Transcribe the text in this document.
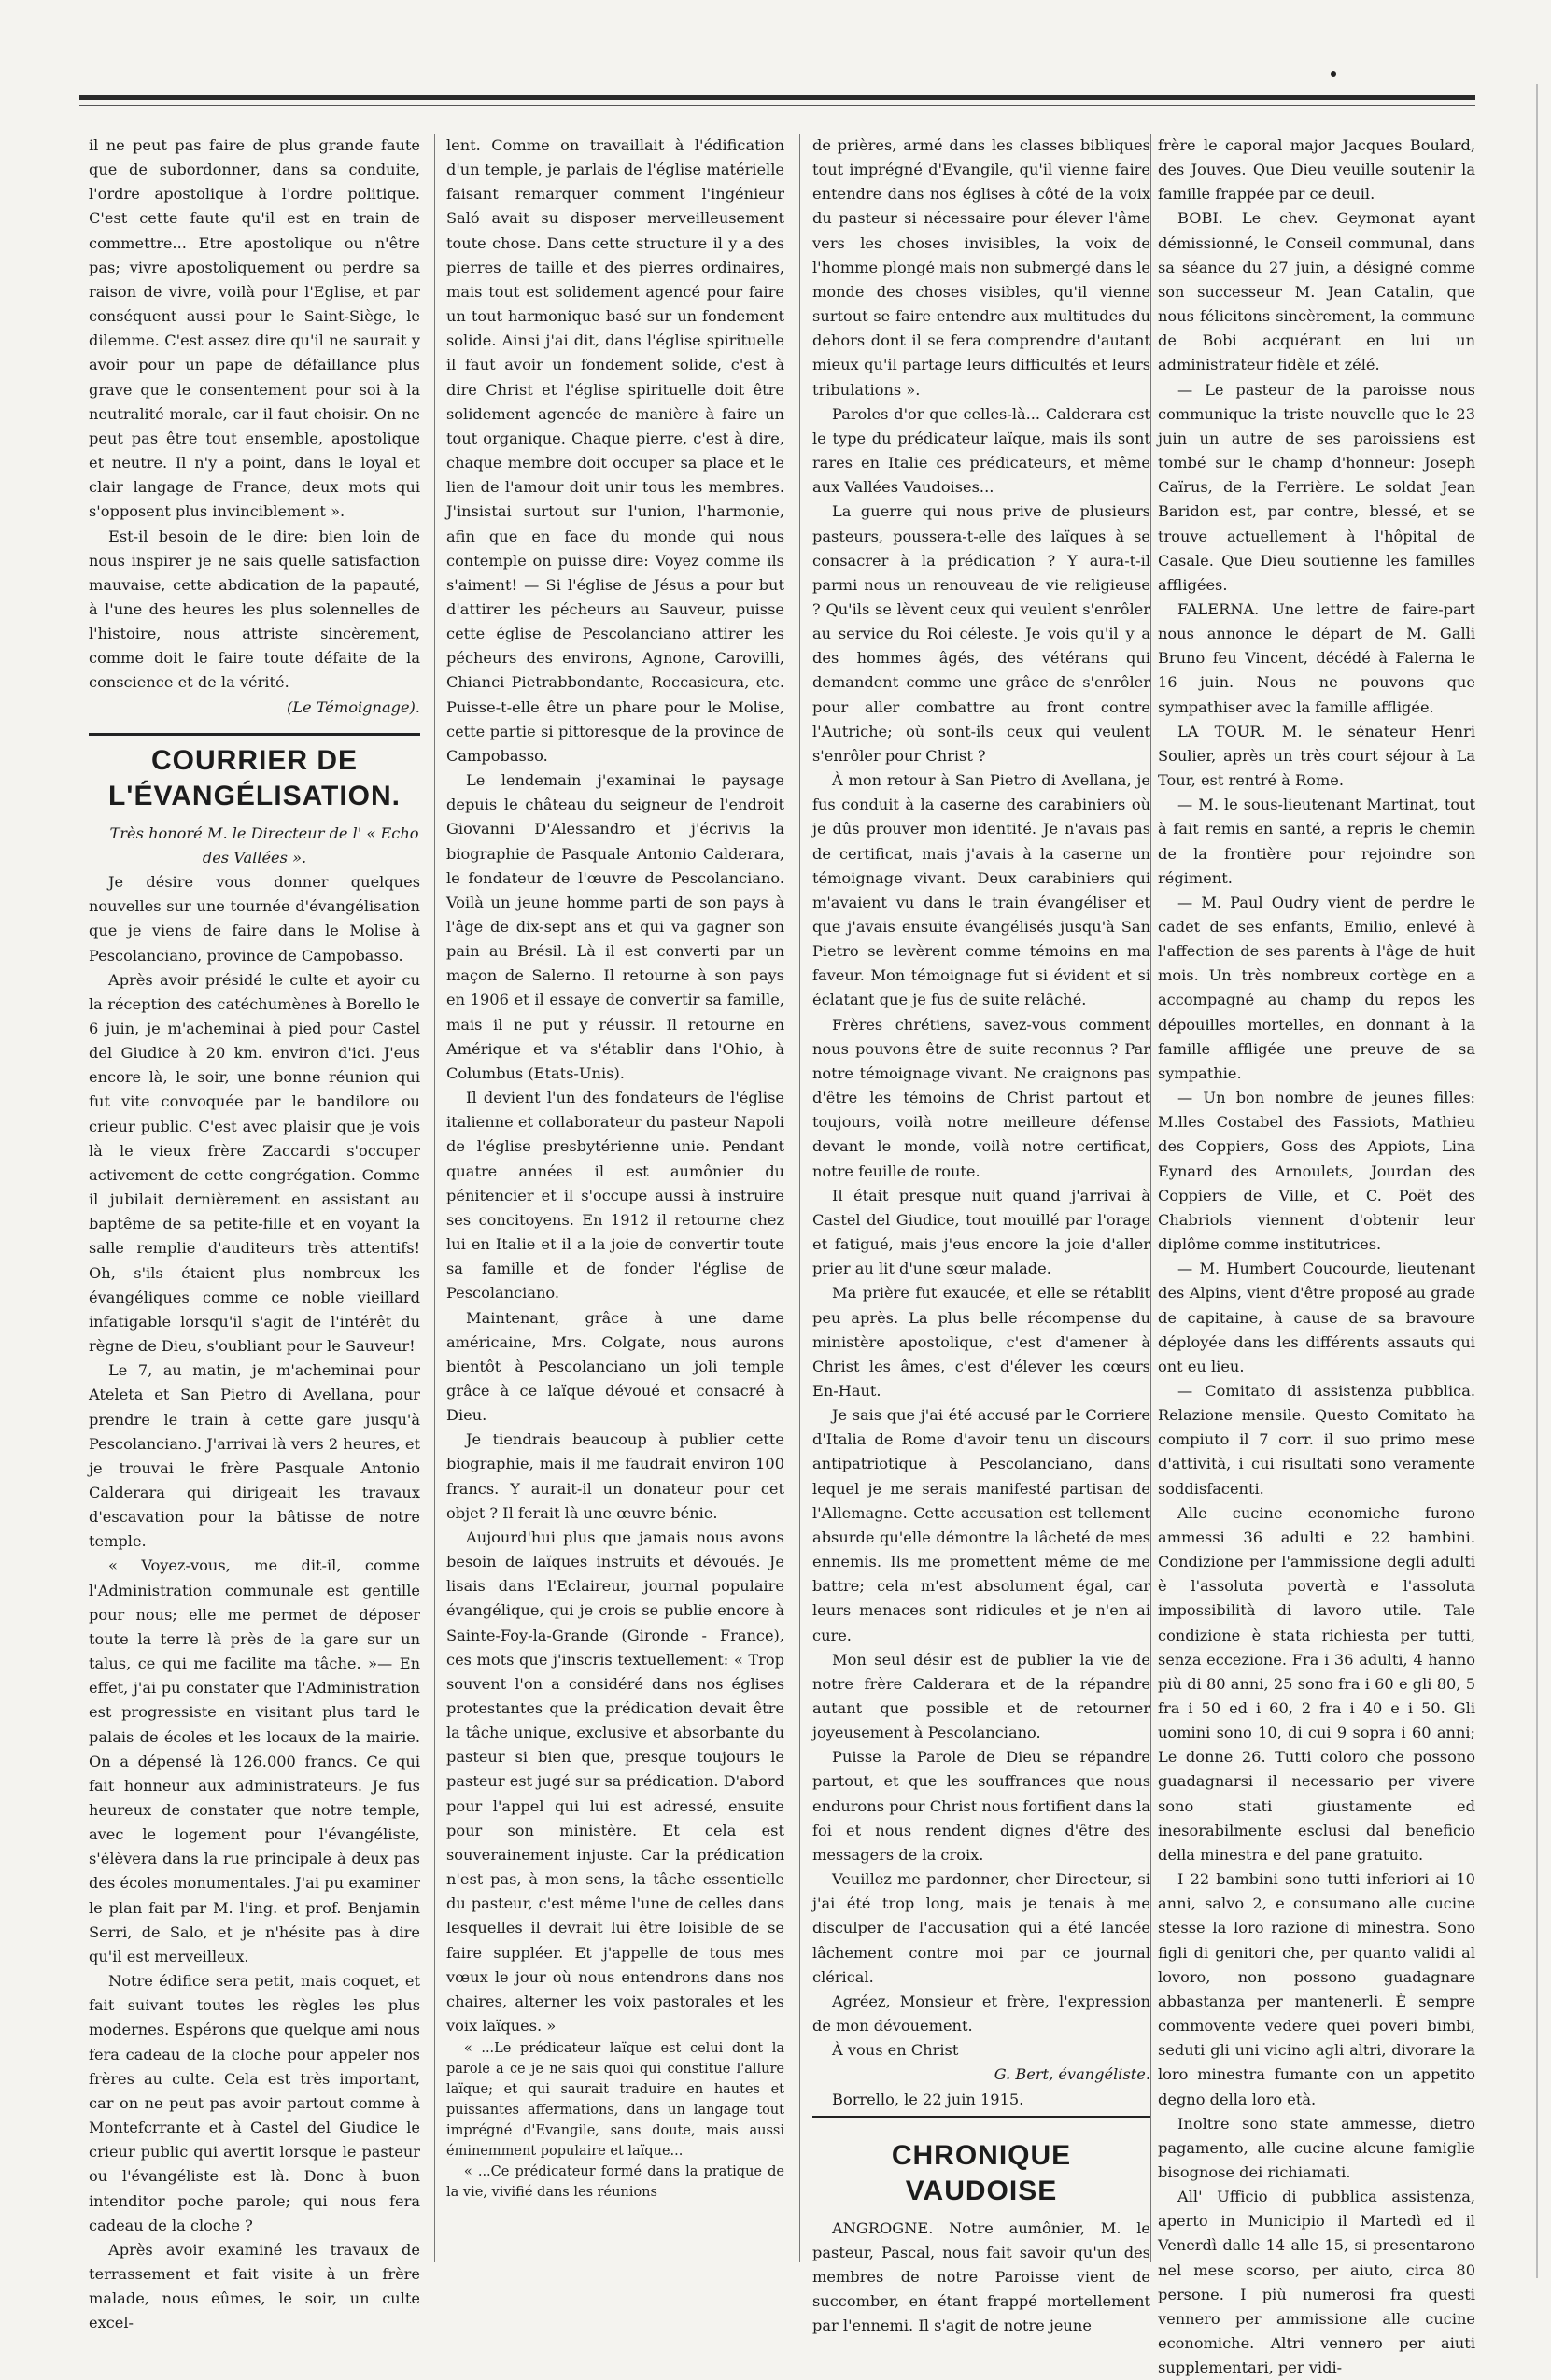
il ne peut pas faire de plus grande faute que de subordonner, dans sa conduite, l'ordre apostolique à l'ordre politique. C'est cette faute qu'il est en train de commettre... Etre apostolique ou n'être pas; vivre apostoliquement ou perdre sa raison de vivre, voilà pour l'Eglise, et par conséquent aussi pour le Saint-Siège, le dilemme. C'est assez dire qu'il ne saurait y avoir pour un pape de défaillance plus grave que le consentement pour soi à la neutralité morale, car il faut choisir. On ne peut pas être tout ensemble, apostolique et neutre. Il n'y a point, dans le loyal et clair langage de France, deux mots qui s'opposent plus invinciblement ».

Est-il besoin de le dire: bien loin de nous inspirer je ne sais quelle satisfaction mauvaise, cette abdication de la papauté, à l'une des heures les plus solennelles de l'histoire, nous attriste sincèrement, comme doit le faire toute défaite de la conscience et de la vérité.

(Le Témoignage).

COURRIER DE L'ÉVANGÉLISATION.

Très honoré M. le Directeur de l' « Echo des Vallées ».

Je désire vous donner quelques nouvelles sur une tournée d'évangélisation que je viens de faire dans le Molise à Pescolanciano, province de Campobasso.

Après avoir présidé le culte et ayoir cu la réception des catéchumènes à Borello le 6 juin, je m'acheminai à pied pour Castel del Giudice à 20 km. environ d'ici. J'eus encore là, le soir, une bonne réunion qui fut vite convoquée par le bandilore ou crieur public. C'est avec plaisir que je vois là le vieux frère Zaccardi s'occuper activement de cette congrégation. Comme il jubilait dernièrement en assistant au baptême de sa petite-fille et en voyant la salle remplie d'auditeurs très attentifs! Oh, s'ils étaient plus nombreux les évangéliques comme ce noble vieillard infatigable lorsqu'il s'agit de l'intérêt du règne de Dieu, s'oubliant pour le Sauveur!

Le 7, au matin, je m'acheminai pour Ateleta et San Pietro di Avellana, pour prendre le train à cette gare jusqu'à Pescolanciano. J'arrivai là vers 2 heures, et je trouvai le frère Pasquale Antonio Calderara qui dirigeait les travaux d'escavation pour la bâtisse de notre temple.

« Voyez-vous, me dit-il, comme l'Administration communale est gentille pour nous; elle me permet de déposer toute la terre là près de la gare sur un talus, ce qui me facilite ma tâche. »— En effet, j'ai pu constater que l'Administration est progressiste en visitant plus tard le palais de écoles et les locaux de la mairie. On a dépensé là 126.000 francs. Ce qui fait honneur aux administrateurs. Je fus heureux de constater que notre temple, avec le logement pour l'évangéliste, s'élèvera dans la rue principale à deux pas des écoles monumentales. J'ai pu examiner le plan fait par M. l'ing. et prof. Benjamin Serri, de Salo, et je n'hésite pas à dire qu'il est merveilleux.

Notre édifice sera petit, mais coquet, et fait suivant toutes les règles les plus modernes. Espérons que quelque ami nous fera cadeau de la cloche pour appeler nos frères au culte. Cela est très important, car on ne peut pas avoir partout comme à Montefcrrante et à Castel del Giudice le crieur public qui avertit lorsque le pasteur ou l'évangéliste est là. Donc à buon intenditor poche parole; qui nous fera cadeau de la cloche ?

Après avoir examiné les travaux de terrassement et fait visite à un frère malade, nous eûmes, le soir, un culte excel-

lent. Comme on travaillait à l'édification d'un temple, je parlais de l'église matérielle faisant remarquer comment l'ingénieur Saló avait su disposer merveilleusement toute chose. Dans cette structure il y a des pierres de taille et des pierres ordinaires, mais tout est solidement agencé pour faire un tout harmonique basé sur un fondement solide. Ainsi j'ai dit, dans l'église spirituelle il faut avoir un fondement solide, c'est à dire Christ et l'église spirituelle doit être solidement agencée de manière à faire un tout organique. Chaque pierre, c'est à dire, chaque membre doit occuper sa place et le lien de l'amour doit unir tous les membres. J'insistai surtout sur l'union, l'harmonie, afin que en face du monde qui nous contemple on puisse dire: Voyez comme ils s'aiment! — Si l'église de Jésus a pour but d'attirer les pécheurs au Sauveur, puisse cette église de Pescolanciano attirer les pécheurs des environs, Agnone, Carovilli, Chianci Pietrabbondante, Roccasicura, etc. Puisse-t-elle être un phare pour le Molise, cette partie si pittoresque de la province de Campobasso.

Le lendemain j'examinai le paysage depuis le château du seigneur de l'endroit Giovanni D'Alessandro et j'écrivis la biographie de Pasquale Antonio Calderara, le fondateur de l'œuvre de Pescolanciano. Voilà un jeune homme parti de son pays à l'âge de dix-sept ans et qui va gagner son pain au Brésil. Là il est converti par un maçon de Salerno. Il retourne à son pays en 1906 et il essaye de convertir sa famille, mais il ne put y réussir. Il retourne en Amérique et va s'établir dans l'Ohio, à Columbus (Etats-Unis).

Il devient l'un des fondateurs de l'église italienne et collaborateur du pasteur Napoli de l'église presbytérienne unie. Pendant quatre années il est aumônier du pénitencier et il s'occupe aussi à instruire ses concitoyens. En 1912 il retourne chez lui en Italie et il a la joie de convertir toute sa famille et de fonder l'église de Pescolanciano.

Maintenant, grâce à une dame américaine, Mrs. Colgate, nous aurons bientôt à Pescolanciano un joli temple grâce à ce laïque dévoué et consacré à Dieu.

Je tiendrais beaucoup à publier cette biographie, mais il me faudrait environ 100 francs. Y aurait-il un donateur pour cet objet ? Il ferait là une œuvre bénie.

Aujourd'hui plus que jamais nous avons besoin de laïques instruits et dévoués. Je lisais dans l'Eclaireur, journal populaire évangélique, qui je crois se publie encore à Sainte-Foy-la-Grande (Gironde - France), ces mots que j'inscris textuellement: « Trop souvent l'on a considéré dans nos églises protestantes que la prédication devait être la tâche unique, exclusive et absorbante du pasteur si bien que, presque toujours le pasteur est jugé sur sa prédication. D'abord pour l'appel qui lui est adressé, ensuite pour son ministère. Et cela est souverainement injuste. Car la prédication n'est pas, à mon sens, la tâche essentielle du pasteur, c'est même l'une de celles dans lesquelles il devrait lui être loisible de se faire suppléer. Et j'appelle de tous mes vœux le jour où nous entendrons dans nos chaires, alterner les voix pastorales et les voix laïques. »

« ...Le prédicateur laïque est celui dont la parole a ce je ne sais quoi qui constitue l'allure laïque; et qui saurait traduire en hautes et puissantes affermations, dans un langage tout imprégné d'Evangile, sans doute, mais aussi éminemment populaire et laïque...

« ...Ce prédicateur formé dans la pratique de la vie, vivifié dans les réunions

de prières, armé dans les classes bibliques tout imprégné d'Evangile, qu'il vienne faire entendre dans nos églises à côté de la voix du pasteur si nécessaire pour élever l'âme vers les choses invisibles, la voix de l'homme plongé mais non submergé dans le monde des choses visibles, qu'il vienne surtout se faire entendre aux multitudes du dehors dont il se fera comprendre d'autant mieux qu'il partage leurs difficultés et leurs tribulations ».

Paroles d'or que celles-là... Calderara est le type du prédicateur laïque, mais ils sont rares en Italie ces prédicateurs, et même aux Vallées Vaudoises...

La guerre qui nous prive de plusieurs pasteurs, poussera-t-elle des laïques à se consacrer à la prédication ? Y aura-t-il parmi nous un renouveau de vie religieuse ? Qu'ils se lèvent ceux qui veulent s'enrôler au service du Roi céleste. Je vois qu'il y a des hommes âgés, des vétérans qui demandent comme une grâce de s'enrôler pour aller combattre au front contre l'Autriche; où sont-ils ceux qui veulent s'enrôler pour Christ ?

À mon retour à San Pietro di Avellana, je fus conduit à la caserne des carabiniers où je dûs prouver mon identité. Je n'avais pas de certificat, mais j'avais à la caserne un témoignage vivant. Deux carabiniers qui m'avaient vu dans le train évangéliser et que j'avais ensuite évangélisés jusqu'à San Pietro se levèrent comme témoins en ma faveur. Mon témoignage fut si évident et si éclatant que je fus de suite relâché.

Frères chrétiens, savez-vous comment nous pouvons être de suite reconnus ? Par notre témoignage vivant. Ne craignons pas d'être les témoins de Christ partout et toujours, voilà notre meilleure défense devant le monde, voilà notre certificat, notre feuille de route.

Il était presque nuit quand j'arrivai à Castel del Giudice, tout mouillé par l'orage et fatigué, mais j'eus encore la joie d'aller prier au lit d'une sœur malade.

Ma prière fut exaucée, et elle se rétablit peu après. La plus belle récompense du ministère apostolique, c'est d'amener à Christ les âmes, c'est d'élever les cœurs En-Haut.

Je sais que j'ai été accusé par le Corriere d'Italia de Rome d'avoir tenu un discours antipatriotique à Pescolanciano, dans lequel je me serais manifesté partisan de l'Allemagne. Cette accusation est tellement absurde qu'elle démontre la lâcheté de mes ennemis. Ils me promettent même de me battre; cela m'est absolument égal, car leurs menaces sont ridicules et je n'en ai cure.

Mon seul désir est de publier la vie de notre frère Calderara et de la répandre autant que possible et de retourner joyeusement à Pescolanciano.

Puisse la Parole de Dieu se répandre partout, et que les souffrances que nous endurons pour Christ nous fortifient dans la foi et nous rendent dignes d'être des messagers de la croix.

Veuillez me pardonner, cher Directeur, si j'ai été trop long, mais je tenais à me disculper de l'accusation qui a été lancée lâchement contre moi par ce journal clérical.

Agréez, Monsieur et frère, l'expression de mon dévouement.

À vous en Christ

G. Bert, évangéliste.

Borrello, le 22 juin 1915.

CHRONIQUE VAUDOISE

ANGROGNE. Notre aumônier, M. le pasteur, Pascal, nous fait savoir qu'un des membres de notre Paroisse vient de succomber, en étant frappé mortellement par l'ennemi. Il s'agit de notre jeune

frère le caporal major Jacques Boulard, des Jouves. Que Dieu veuille soutenir la famille frappée par ce deuil.

BOBI. Le chev. Geymonat ayant démissionné, le Conseil communal, dans sa séance du 27 juin, a désigné comme son successeur M. Jean Catalin, que nous félicitons sincèrement, la commune de Bobi acquérant en lui un administrateur fidèle et zélé.

— Le pasteur de la paroisse nous communique la triste nouvelle que le 23 juin un autre de ses paroissiens est tombé sur le champ d'honneur: Joseph Caïrus, de la Ferrière. Le soldat Jean Baridon est, par contre, blessé, et se trouve actuellement à l'hôpital de Casale. Que Dieu soutienne les familles affligées.

FALERNA. Une lettre de faire-part nous annonce le départ de M. Galli Bruno feu Vincent, décédé à Falerna le 16 juin. Nous ne pouvons que sympathiser avec la famille affligée.

LA TOUR. M. le sénateur Henri Soulier, après un très court séjour à La Tour, est rentré à Rome.

— M. le sous-lieutenant Martinat, tout à fait remis en santé, a repris le chemin de la frontière pour rejoindre son régiment.

— M. Paul Oudry vient de perdre le cadet de ses enfants, Emilio, enlevé à l'affection de ses parents à l'âge de huit mois. Un très nombreux cortège en a accompagné au champ du repos les dépouilles mortelles, en donnant à la famille affligée une preuve de sa sympathie.

— Un bon nombre de jeunes filles: M.lles Costabel des Fassiots, Mathieu des Coppiers, Goss des Appiots, Lina Eynard des Arnoulets, Jourdan des Coppiers de Ville, et C. Poët des Chabriols viennent d'obtenir leur diplôme comme institutrices.

— M. Humbert Coucourde, lieutenant des Alpins, vient d'être proposé au grade de capitaine, à cause de sa bravoure déployée dans les différents assauts qui ont eu lieu.

— Comitato di assistenza pubblica. Relazione mensile. Questo Comitato ha compiuto il 7 corr. il suo primo mese d'attività, i cui risultati sono veramente soddisfacenti.

Alle cucine economiche furono ammessi 36 adulti e 22 bambini. Condizione per l'ammissione degli adulti è l'assoluta povertà e l'assoluta impossibilità di lavoro utile. Tale condizione è stata richiesta per tutti, senza eccezione. Fra i 36 adulti, 4 hanno più di 80 anni, 25 sono fra i 60 e gli 80, 5 fra i 50 ed i 60, 2 fra i 40 e i 50. Gli uomini sono 10, di cui 9 sopra i 60 anni; Le donne 26. Tutti coloro che possono guadagnarsi il necessario per vivere sono stati giustamente ed inesorabilmente esclusi dal beneficio della minestra e del pane gratuito.

I 22 bambini sono tutti inferiori ai 10 anni, salvo 2, e consumano alle cucine stesse la loro razione di minestra. Sono figli di genitori che, per quanto validi al lovoro, non possono guadagnare abbastanza per mantenerli. È sempre commovente vedere quei poveri bimbi, seduti gli uni vicino agli altri, divorare la loro minestra fumante con un appetito degno della loro età.

Inoltre sono state ammesse, dietro pagamento, alle cucine alcune famiglie bisognose dei richiamati.

All' Ufficio di pubblica assistenza, aperto in Municipio il Martedì ed il Venerdì dalle 14 alle 15, si presentarono nel mese scorso, per aiuto, circa 80 persone. I più numerosi fra questi vennero per ammissione alle cucine economiche. Altri vennero per aiuti supplementari, per vidi-
